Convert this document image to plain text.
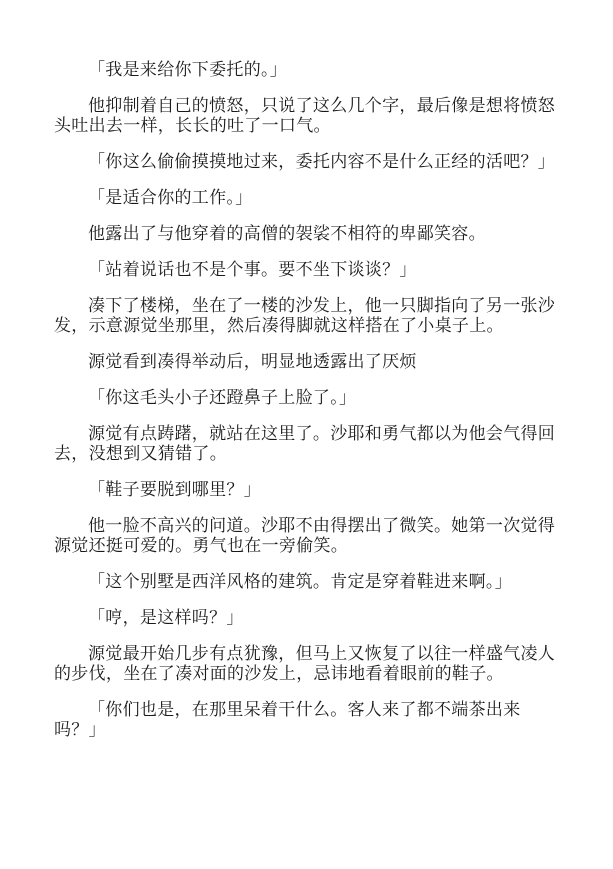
「我是来给你下委托的。」

他抑制着自己的愤怒，只说了这么几个字，最后像是想将愤怒
头吐出去一样，长长的吐了一口气。

「你这么偷偷摸摸地过来，委托内容不是什么正经的活吧？」

「是适合你的工作。」

他露出了与他穿着的高僧的袈裟不相符的卑鄙笑容。

「站着说话也不是个事。要不坐下谈谈？」

凑下了楼梯，坐在了一楼的沙发上，他一只脚指向了另一张沙
发，示意源觉坐那里，然后凑得脚就这样搭在了小桌子上。

源觉看到凑得举动后，明显地透露出了厌烦

「你这毛头小子还蹬鼻子上脸了。」

源觉有点踌躇，就站在这里了。沙耶和勇气都以为他会气得回
去，没想到又猜错了。

「鞋子要脱到哪里？」

他一脸不高兴的问道。沙耶不由得摆出了微笑。她第一次觉得
源觉还挺可爱的。勇气也在一旁偷笑。

「这个别墅是西洋风格的建筑。肯定是穿着鞋进来啊。」

「哼，是这样吗？」

源觉最开始几步有点犹豫，但马上又恢复了以往一样盛气凌人
的步伐，坐在了凑对面的沙发上，忌讳地看着眼前的鞋子。

「你们也是，在那里呆着干什么。客人来了都不端茶出来
吗？」
